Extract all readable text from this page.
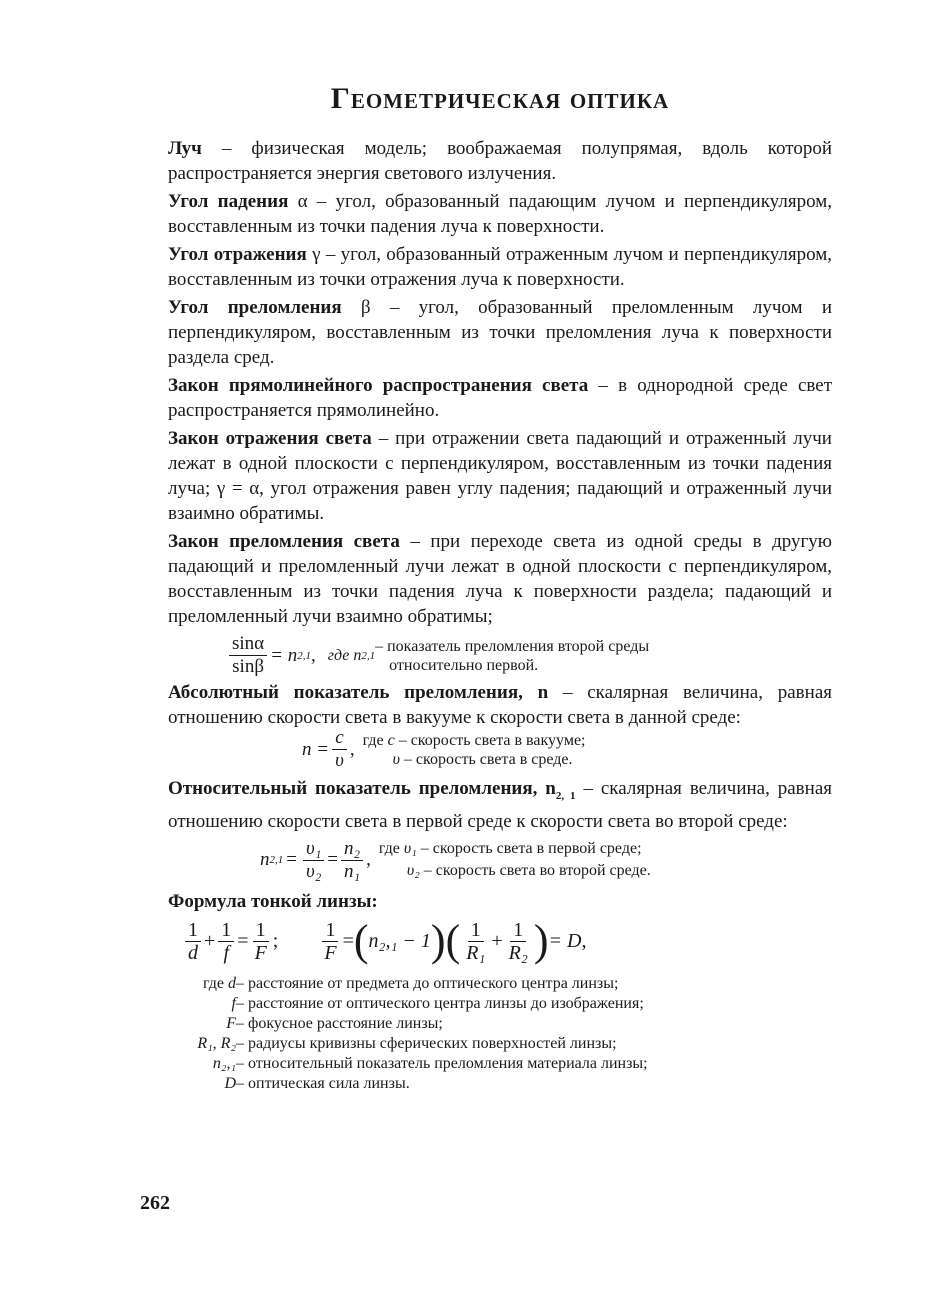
Геометрическая оптика

Луч – физическая модель; воображаемая полупрямая, вдоль которой распространяется энергия светового излучения.

Угол падения α – угол, образованный падающим лучом и перпендикуляром, восставленным из точки падения луча к поверхности.

Угол отражения γ – угол, образованный отраженным лучом и перпендикуляром, восставленным из точки отражения луча к поверхности.

Угол преломления β – угол, образованный преломленным лучом и перпендикуляром, восставленным из точки преломления луча к поверхности раздела сред.

Закон прямолинейного распространения света – в однородной среде свет распространяется прямолинейно.

Закон отражения света – при отражении света падающий и отраженный лучи лежат в одной плоскости с перпендикуляром, восставленным из точки падения луча; γ = α, угол отражения равен углу падения; падающий и отраженный лучи взаимно обратимы.

Закон преломления света – при переходе света из одной среды в другую падающий и преломленный лучи лежат в одной плоскости с перпендикуляром, восставленным из точки падения луча к поверхности раздела; падающий и преломленный лучи взаимно обратимы;

$\frac{\sin\alpha}{\sin\beta} = n$ 2,1 , где n 2,1
– показатель преломления второй среды
относительно первой.

Абсолютный показатель преломления, n – скалярная величина, равная отношению скорости света в вакууме к скорости света в данной среде:

$n = \frac{c}{\upsilon}$ , где c – скорость света в вакууме;
υ – скорость света в среде.

Относительный показатель преломления, $n_{2, 1}$ – скалярная величина, равная отношению скорости света в первой среде к скорости света во второй среде:

n $2,1 = \frac{\text{υ₁}}{\text{υ₂}} = \frac{\text{n₂}}{\text{n₁}}$ ,
где υ₁ – скорость света в первой среде;
υ₂ – скорость света во второй среде.
Формула тонкой линзы:
$\frac{1}{d} + \frac{1}{f} = \frac{1}{F}$ ; $\frac{1}{F}$ = ( n₂,₁ − 1 ) ( $\frac{1}{\text{R₁}} + \frac{1}{\text{R₂}}$ ) = D,
где d – расстояние от предмета до оптического центра линзы;
f – расстояние от оптического центра линзы до изображения;
F – фокусное расстояние линзы;
R₁, R₂ – радиусы кривизны сферических поверхностей линзы;
n₂,₁ – относительный показатель преломления материала линзы;
D – оптическая сила линзы.
262
